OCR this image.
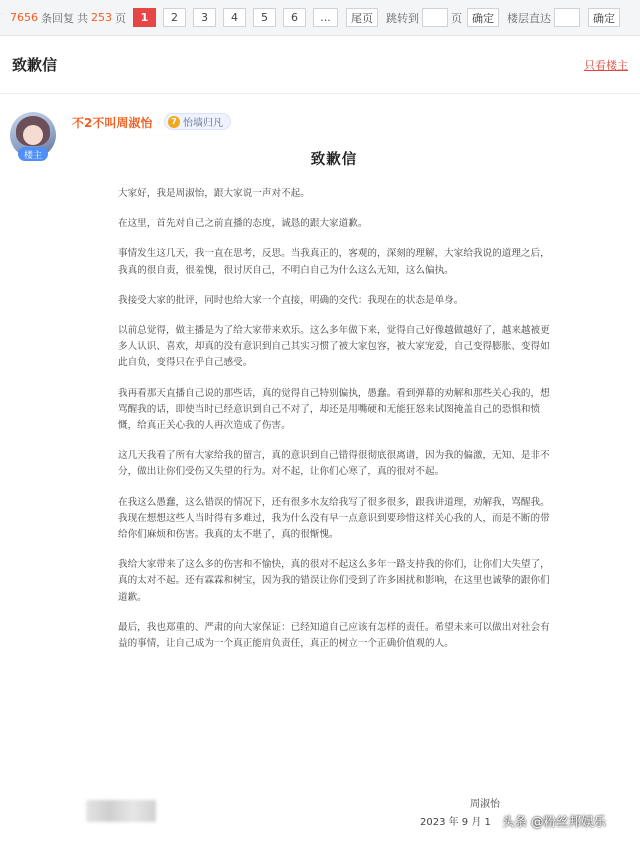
7656 条回复 共 253 页	1	2	3	4	5	6	...	尾页	跳转到	页 确定	楼层直达	确定
致歉信	只看楼主
楼主
不2不叫周淑怡	7 怡墙归凡
致歉信

大家好，我是周淑怡，跟大家说一声对不起。

在这里，首先对自己之前直播的态度，诚恳的跟大家道歉。

事情发生这几天，我一直在思考，反思。当我真正的，客观的，深刻的理解，大家给我说的道理之后，我真的很自责，很羞愧，很讨厌自己，不明白自己为什么这么无知，这么偏执。

我接受大家的批评，同时也给大家一个直接，明确的交代：我现在的状态是单身。

以前总觉得，做主播是为了给大家带来欢乐。这么多年做下来，觉得自己好像越做越好了，越来越被更多人认识、喜欢，却真的没有意识到自己其实习惯了被大家包容，被大家宠爱，自己变得膨胀、变得如此自负，变得只在乎自己感受。

我再看那天直播自己说的那些话，真的觉得自己特别偏执，愚蠢。看到弹幕的劝解和那些关心我的，想骂醒我的话，即使当时已经意识到自己不对了，却还是用嘴硬和无能狂怒来试图掩盖自己的恐惧和愤慨，给真正关心我的人再次造成了伤害。

这几天我看了所有大家给我的留言，真的意识到自己错得很彻底很离谱，因为我的偏激，无知、是非不分，做出让你们受伤又失望的行为。对不起，让你们心寒了，真的很对不起。

在我这么愚蠢，这么错误的情况下，还有很多水友给我写了很多很多，跟我讲道理，劝解我，骂醒我。我现在想想这些人当时得有多难过，我为什么没有早一点意识到要珍惜这样关心我的人，而是不断的带给你们麻烦和伤害。我真的太不堪了，真的很惭愧。

我给大家带来了这么多的伤害和不愉快，真的很对不起这么多年一路支持我的你们，让你们大失望了，真的太对不起。还有霖霖和树宝，因为我的错误让你们受到了许多困扰和影响，在这里也诚挚的跟你们道歉。

最后，我也郑重的、严肃的向大家保证：已经知道自己应该有怎样的责任。希望未来可以做出对社会有益的事情，让自己成为一个真正能肩负责任，真正的树立一个正确价值观的人。

周淑怡
2023 年 9 月 1 头条 @粉丝邦娱乐
